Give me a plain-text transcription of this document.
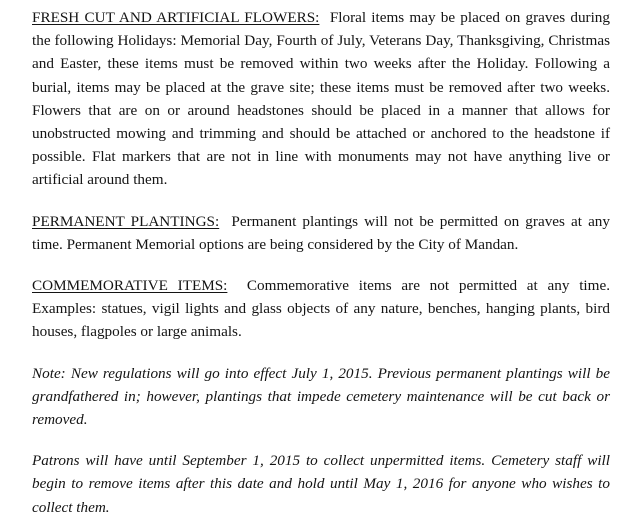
FRESH CUT AND ARTIFICIAL FLOWERS: Floral items may be placed on graves during the following Holidays: Memorial Day, Fourth of July, Veterans Day, Thanksgiving, Christmas and Easter, these items must be removed within two weeks after the Holiday. Following a burial, items may be placed at the grave site; these items must be removed after two weeks. Flowers that are on or around headstones should be placed in a manner that allows for unobstructed mowing and trimming and should be attached or anchored to the headstone if possible. Flat markers that are not in line with monuments may not have anything live or artificial around them.

PERMANENT PLANTINGS: Permanent plantings will not be permitted on graves at any time. Permanent Memorial options are being considered by the City of Mandan.

COMMEMORATIVE ITEMS: Commemorative items are not permitted at any time. Examples: statues, vigil lights and glass objects of any nature, benches, hanging plants, bird houses, flagpoles or large animals.

Note: New regulations will go into effect July 1, 2015. Previous permanent plantings will be grandfathered in; however, plantings that impede cemetery maintenance will be cut back or removed.

Patrons will have until September 1, 2015 to collect unpermitted items. Cemetery staff will begin to remove items after this date and hold until May 1, 2016 for anyone who wishes to collect them.
